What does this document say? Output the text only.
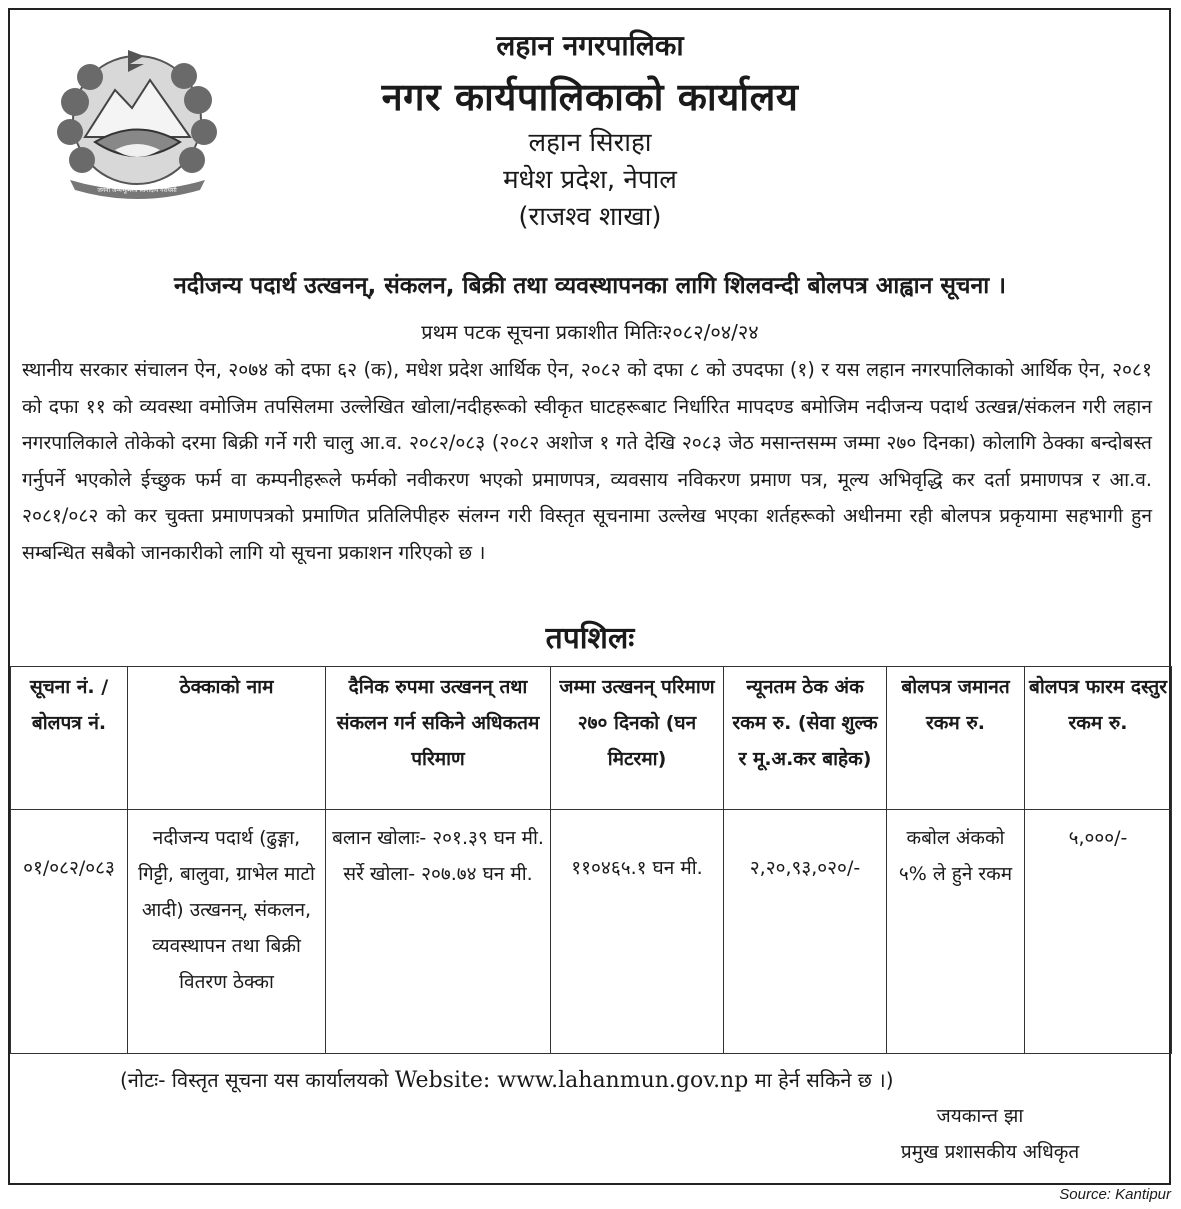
जननी जन्मभूमिश्च स्वर्गादपि गरीयसी
लहान नगरपालिका
नगर कार्यपालिकाको कार्यालय
लहान सिराहा
मधेश प्रदेश, नेपाल
(राजश्व शाखा)
नदीजन्य पदार्थ उत्खनन्, संकलन, बिक्री तथा व्यवस्थापनका लागि शिलवन्दी बोलपत्र आह्वान सूचना ।
प्रथम पटक सूचना प्रकाशीत मितिः२०८२/०४/२४
स्थानीय सरकार संचालन ऐन, २०७४ को दफा ६२ (क), मधेश प्रदेश आर्थिक ऐन, २०८२ को दफा ८ को उपदफा (१) र यस लहान नगरपालिकाको आर्थिक ऐन, २०८१ को दफा ११ को व्यवस्था वमोजिम तपसिलमा उल्लेखित खोला/नदीहरूको स्वीकृत घाटहरूबाट निर्धारित मापदण्ड बमोजिम नदीजन्य पदार्थ उत्खन्न/संकलन गरी लहान नगरपालिकाले तोकेको दरमा बिक्री गर्ने गरी चालु आ.व. २०८२/०८३ (२०८२ अशोज १ गते देखि २०८३ जेठ मसान्तसम्म जम्मा २७० दिनका) कोलागि ठेक्का बन्दोबस्त गर्नुपर्ने भएकोले ईच्छुक फर्म वा कम्पनीहरूले फर्मको नवीकरण भएको प्रमाणपत्र, व्यवसाय नविकरण प्रमाण पत्र, मूल्य अभिवृद्धि कर दर्ता प्रमाणपत्र र आ.व. २०८१/०८२ को कर चुक्ता प्रमाणपत्रको प्रमाणित प्रतिलिपीहरु संलग्न गरी विस्तृत सूचनामा उल्लेख भएका शर्तहरूको अधीनमा रही बोलपत्र प्रकृयामा सहभागी हुन सम्बन्धित सबैको जानकारीको लागि यो सूचना प्रकाशन गरिएको छ ।
तपशिलः
सूचना नं. / बोलपत्र नं.	ठेक्काको नाम	दैनिक रुपमा उत्खनन् तथा संकलन गर्न सकिने अधिकतम परिमाण	जम्मा उत्खनन् परिमाण २७० दिनको (घन मिटरमा)	न्यूनतम ठेक अंक रकम रु. (सेवा शुल्क र मू.अ.कर बाहेक)	बोलपत्र जमानत रकम रु.	बोलपत्र फारम दस्तुर रकम रु.
०१/०८२/०८३	नदीजन्य पदार्थ (ढुङ्गा, गिट्टी, बालुवा, ग्राभेल माटो आदी) उत्खनन्, संकलन, व्यवस्थापन तथा बिक्री वितरण ठेक्का	बलान खोलाः- २०१.३९ घन मी. सर्रे खोला- २०७.७४ घन मी.	११०४६५.१ घन मी.	२,२०,९३,०२०/-	कबोल अंकको ५% ले हुने रकम	५,०००/-
(नोटः- विस्तृत सूचना यस कार्यालयको Website: www.lahanmun.gov.np मा हेर्न सकिने छ ।)
जयकान्त झा
प्रमुख प्रशासकीय अधिकृत
Source: Kantipur
